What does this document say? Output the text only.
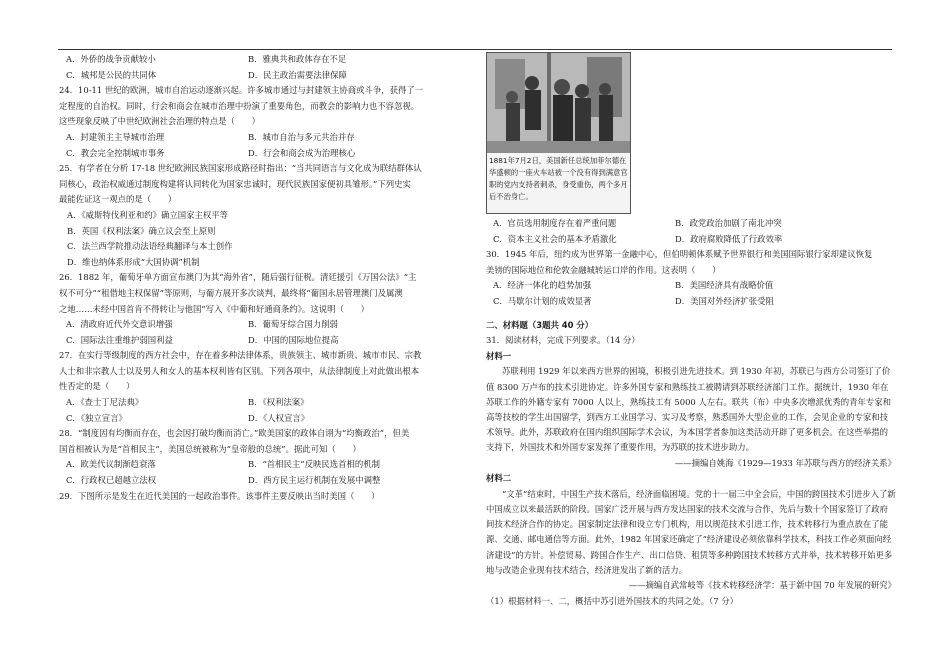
A．外侨的战争贡献较小	B．雅典共和政体存在不足
C．城邦是公民的共同体	D．民主政治需要法律保障
24．10-11 世纪的欧洲，城市自治运动逐渐兴起。许多城市通过与封建领主协商或斗争，获得了一
定程度的自治权。同时，行会和商会在城市治理中扮演了重要角色，而教会的影响力也不容忽视。
这些现象反映了中世纪欧洲社会治理的特点是（　　）
A．封建领主主导城市治理	B．城市自治与多元共治并存
C．教会完全控制城市事务	D．行会和商会成为治理核心
25．有学者在分析 17-18 世纪欧洲民族国家形成路径时指出：“当共同语言与文化成为联结群体认
同核心，政治权威通过制度构建将认同转化为国家忠诚时，现代民族国家便初具雏形。”下列史实
最能佐证这一观点的是（　　）
A．《威斯特伐利亚和约》确立国家主权平等
B．英国《权利法案》确立议会至上原则
C．法兰西学院推动法语经典翻译与本土创作
D．维也纳体系形成“大国协调”机制
26．1882 年，葡萄牙单方面宣布澳门为其“海外省”，随后强行征税。清廷援引《万国公法》“主
权不可分”“租借地主权保留”等原则，与葡方展开多次谈判，最终将“葡国永居管理澳门及属澳
之地……未经中国首肯不得转让与他国”写入《中葡和好通商条约》。这说明（　　）
A．清政府近代外交意识增强	B．葡萄牙综合国力削弱
C．国际法注重维护弱国利益	D．中国的国际地位提高
27．在实行等级制度的西方社会中，存在着多种法律体系，贵族领主、城市新贵、城市市民、宗教
人士和非宗教人士以及男人和女人的基本权利皆有区别。下列各项中，从法律制度上对此做出根本
性否定的是（　　）
A．《查士丁尼法典》	B．《权利法案》
C．《独立宣言》	D．《人权宣言》
28．“制度因有均衡而存在，也会因打破均衡而消亡。”欧美国家的政体自诩为“均衡政治”，但美
国首相被认为是“首相民主”，美国总统被称为“皇帝般的总统”。据此可知（　　）
A．欧美代议制渐趋衰落	B．“首相民主”反映民选首相的机制
C．行政权已超越立法权	D．西方民主运行机制在发展中调整
29．下图所示是发生在近代美国的一起政治事件。该事件主要反映出当时美国（　　）
1881年7月2日，美国新任总统加菲尔德在华盛顿的一座火车站被一个没有得到满意官职的党内支持者刺杀，身受重伤，两个多月后不治身亡。
A．官员选用制度存在着严重问题	B．政党政治加剧了南北冲突
C．资本主义社会的基本矛盾激化	D．政府腐败降低了行政效率
30．1945 年后，纽约成为世界第一金融中心，但伯明顿体系赋予世界银行和美国国际银行家却建议恢复
美镑的国际地位和伦敦金融城转运口岸的作用。这表明（　　）
A．经济一体化的趋势加强	B．美国经济具有战略价值
C．马歇尔计划的成效显著	D．美国对外经济扩张受阻
二、材料题（3题共 40 分）
31．阅读材料，完成下列要求。（14 分）
材料一
苏联利用 1929 年以来西方世界的困境，积极引进先进技术。到 1930 年初，苏联已与西方公司签订了价值 8300 万卢布的技术引进协定。许多外国专家和熟练技工被聘请到苏联经济部门工作。据统计，1930 年在苏联工作的外籍专家有 7000 人以上，熟练技工有 5000 人左右。联共（布）中央多次增派优秀的青年专家和高等技校的学生出国留学，到西方工业国学习、实习及考察，熟悉国外大型企业的工作，会见企业的专家和技术领导。此外，苏联政府在国内组织国际学术会议，为本国学者参加这类活动开辟了更多机会。在这些举措的支持下，外国技术和外国专家发挥了重要作用，为苏联的技术进步助力。
——摘编自姚海《1929—1933 年苏联与西方的经济关系》
材料二
“文革”结束时，中国生产技术落后，经济面临困境。党的十一届三中全会后，中国的跨国技术引进步入了新中国成立以来最活跃的阶段。国家广泛开展与西方发达国家的技术交流与合作，先后与数十个国家签订了政府间技术经济合作的协定。国家制定法律和设立专门机构，用以规范技术引进工作，技术转移行为重点放在了能源、交通、邮电通信等方面。此外，1982 年国家还确定了“经济建设必须依靠科学技术，科技工作必须面向经济建设”的方针。补偿贸易、跨国合作生产、出口信贷、租赁等多种跨国技术转移方式并举，技术转移开始更多地与改造企业现有技术结合，经济迸发出了新的活力。
——摘编自武常岐等《技术转移经济学：基于新中国 70 年发展的研究》
（1）根据材料一、二，概括中苏引进外国技术的共同之处。（7 分）
